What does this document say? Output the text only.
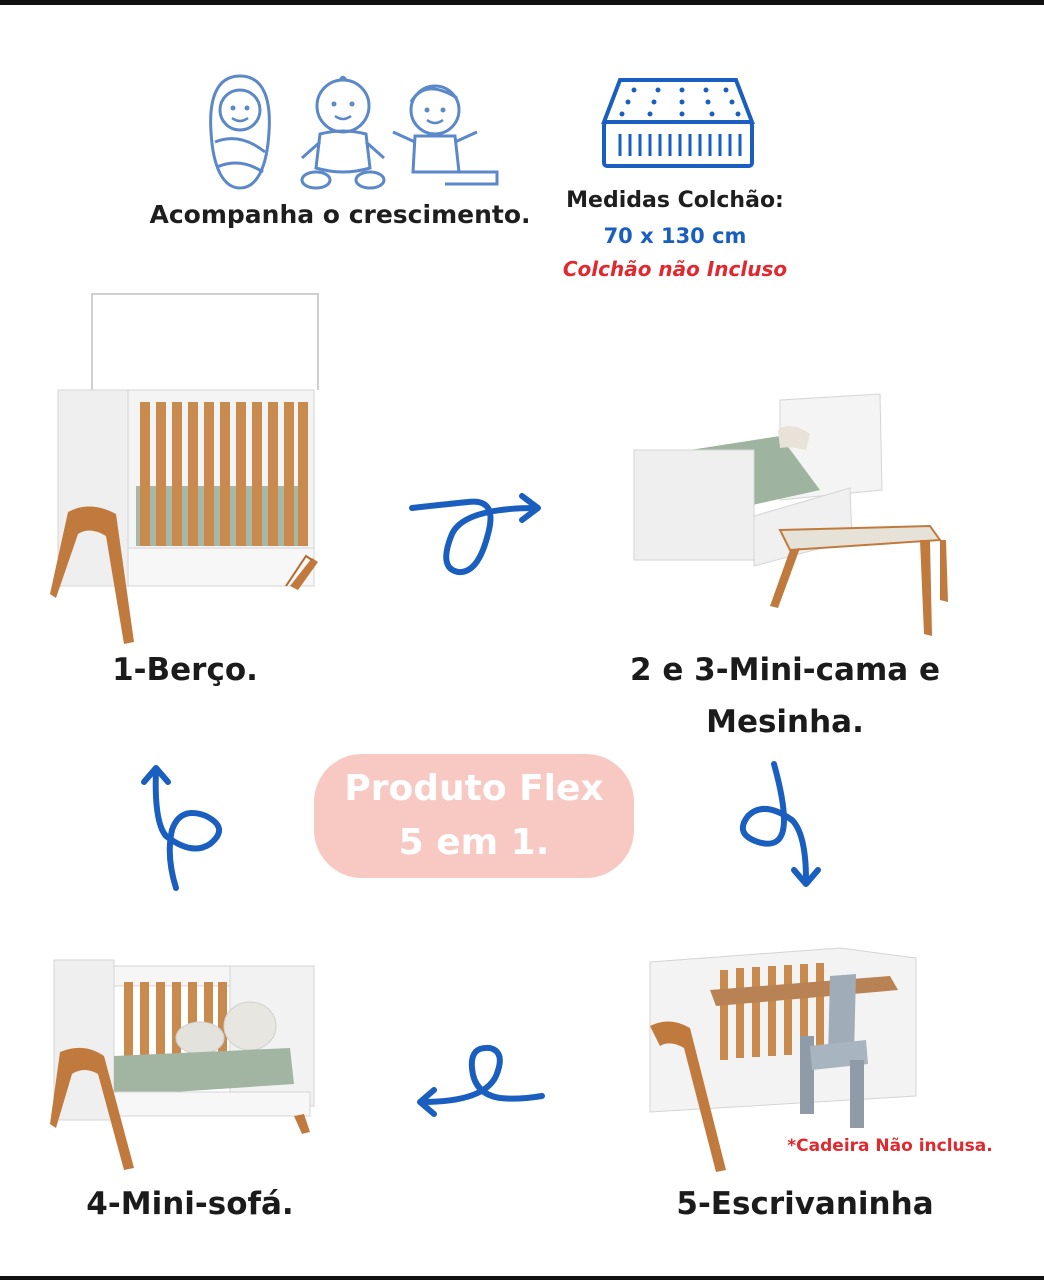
Acompanha o crescimento.	Medidas Colchão:
70 x 130 cm
Colchão não Incluso
1-Berço.	2 e 3-Mini-cama e
Mesinha.
Produto Flex
5 em 1.
*Cadeira Não inclusa.
4-Mini-sofá.	5-Escrivaninha
